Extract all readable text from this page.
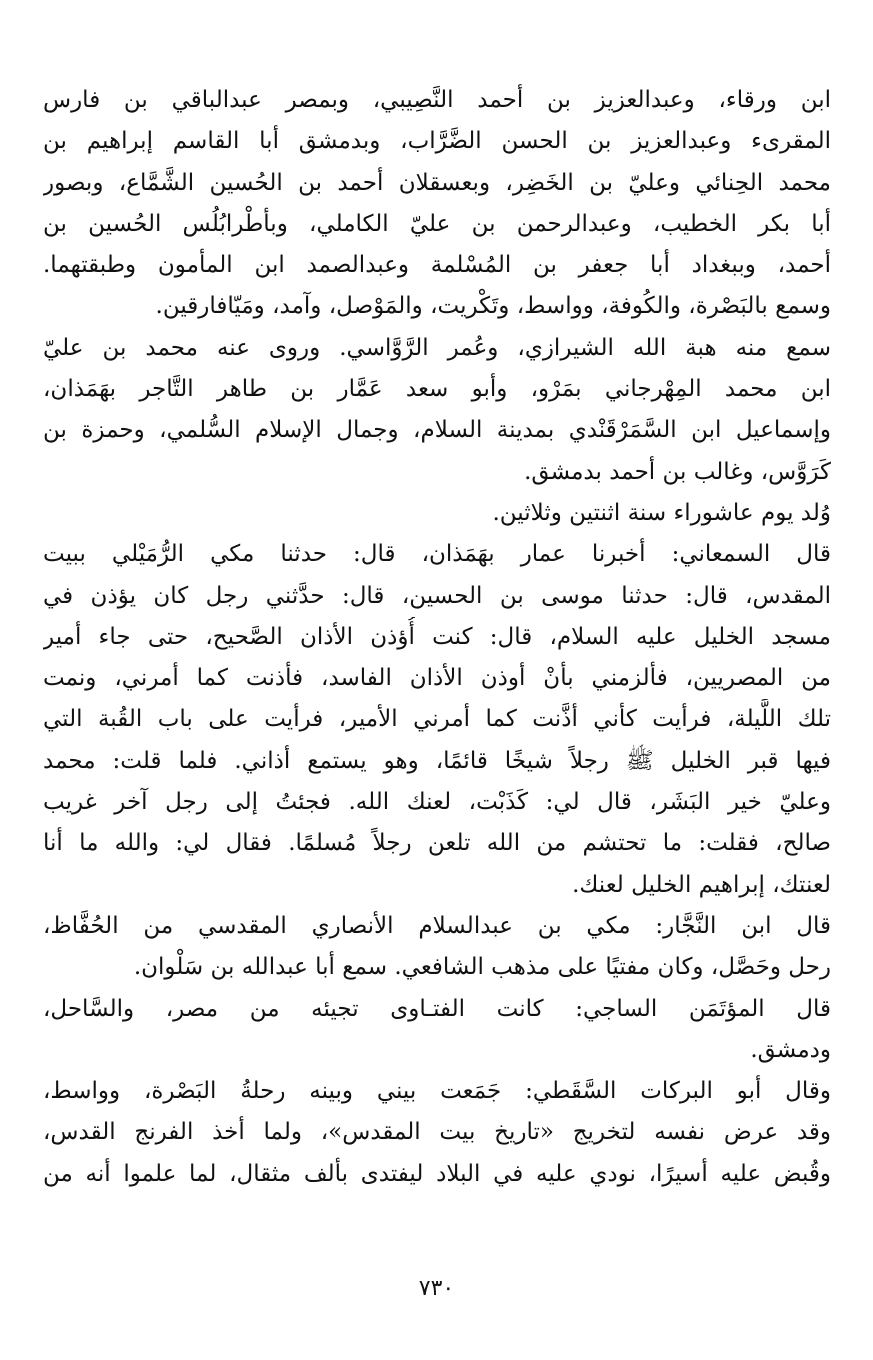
ابن ورقاء، وعبدالعزيز بن أحمد النَّصِيبي، وبمصر عبدالباقي بن فارس
المقرىء وعبدالعزيز بن الحسن الضَّرَّاب، وبدمشق أبا القاسم إبراهيم بن
محمد الحِنائي وعليّ بن الخَضِر، وبعسقلان أحمد بن الحُسين الشَّمَّاع، وبصور
أبا بكر الخطيب، وعبدالرحمن بن عليّ الكاملي، وبأطْرابُلُس الحُسين بن
أحمد، وببغداد أبا جعفر بن المُسْلمة وعبدالصمد ابن المأمون وطبقتهما.
وسمع بالبَصْرة، والكُوفة، وواسط، وتَكْريت، والمَوْصل، وآمد، ومَيّافارقين.
سمع منه هبة الله الشيرازي، وعُمر الرَّوَّاسي. وروى عنه محمد بن عليّ
ابن محمد المِهْرجاني بمَرْو، وأبو سعد عَمَّار بن طاهر التَّاجر بهَمَذان،
وإسماعيل ابن السَّمَرْقَنْدي بمدينة السلام، وجمال الإسلام السُّلمي، وحمزة بن
كَرَوَّس، وغالب بن أحمد بدمشق.
وُلد يوم عاشوراء سنة اثنتين وثلاثين.
قال السمعاني: أخبرنا عمار بهَمَذان، قال: حدثنا مكي الرُّمَيْلي ببيت
المقدس، قال: حدثنا موسى بن الحسين، قال: حدَّثني رجل كان يؤذن في
مسجد الخليل عليه السلام، قال: كنت أُؤذن الأذان الصَّحيح، حتى جاء أمير
من المصريين، فألزمني بأنْ أوذن الأذان الفاسد، فأذنت كما أمرني، ونمت
تلك اللَّيلة، فرأيت كأني أذَّنت كما أمرني الأمير، فرأيت على باب القُبة التي
فيها قبر الخليل ﷺ رجلاً شيخًا قائمًا، وهو يستمع أذاني. فلما قلت: محمد
وعليّ خير البَشَر، قال لي: كَذَبْت، لعنك الله. فجئتُ إلى رجل آخر غريب
صالح، فقلت: ما تحتشم من الله تلعن رجلاً مُسلمًا. فقال لي: والله ما أنا
لعنتك، إبراهيم الخليل لعنك.
قال ابن النَّجَّار: مكي بن عبدالسلام الأنصاري المقدسي من الحُفَّاظ،
رحل وحَصَّل، وكان مفتيًا على مذهب الشافعي. سمع أبا عبدالله بن سَلْوان.
قال المؤتَمَن الساجي: كانت الفتـاوى تجيئه من مصر، والسَّاحل،
ودمشق.
وقال أبو البركات السَّقَطي: جَمَعت بيني وبينه رحلةُ البَصْرة، وواسط،
وقد عرض نفسه لتخريج «تاريخ بيت المقدس»، ولما أخذ الفرنج القدس،
وقُبض عليه أسيرًا، نودي عليه في البلاد ليفتدى بألف مثقال، لما علموا أنه من
٧٣٠
